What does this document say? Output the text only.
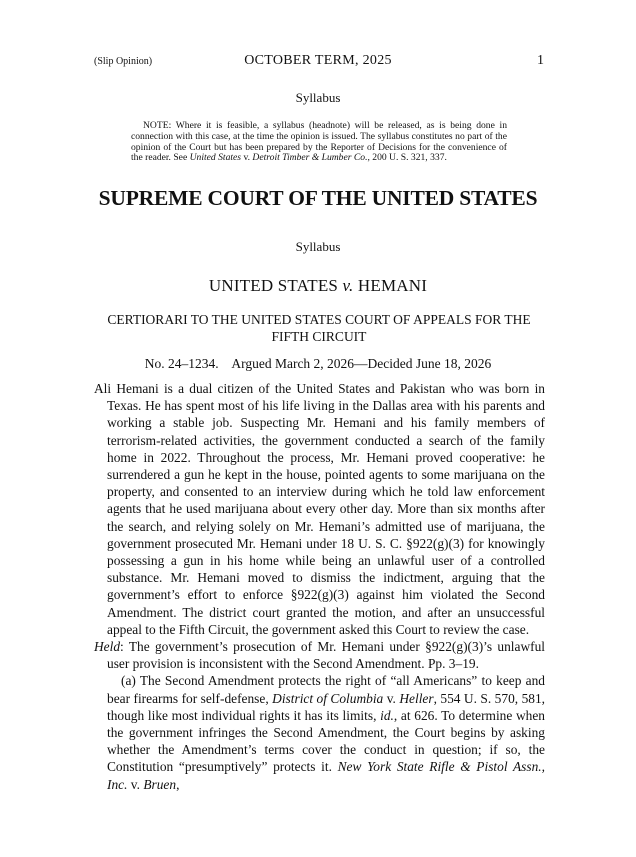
(Slip Opinion)	OCTOBER TERM, 2025	1
Syllabus
NOTE: Where it is feasible, a syllabus (headnote) will be released, as is being done in connection with this case, at the time the opinion is issued. The syllabus constitutes no part of the opinion of the Court but has been prepared by the Reporter of Decisions for the convenience of the reader. See United States v. Detroit Timber & Lumber Co., 200 U. S. 321, 337.
SUPREME COURT OF THE UNITED STATES
Syllabus
UNITED STATES v. HEMANI
CERTIORARI TO THE UNITED STATES COURT OF APPEALS FOR THE FIFTH CIRCUIT
No. 24–1234.    Argued March 2, 2026—Decided June 18, 2026

Ali Hemani is a dual citizen of the United States and Pakistan who was born in Texas. He has spent most of his life living in the Dallas area with his parents and working a stable job. Suspecting Mr. Hemani and his family members of terrorism-related activities, the government conducted a search of the family home in 2022. Throughout the process, Mr. Hemani proved cooperative: he surrendered a gun he kept in the house, pointed agents to some marijuana on the property, and consented to an interview during which he told law enforcement agents that he used marijuana about every other day. More than six months after the search, and relying solely on Mr. Hemani’s admitted use of marijuana, the government prosecuted Mr. Hemani under 18 U. S. C. §922(g)(3) for knowingly possessing a gun in his home while being an unlawful user of a controlled substance. Mr. Hemani moved to dismiss the indictment, arguing that the government’s effort to enforce §922(g)(3) against him violated the Second Amendment. The district court granted the motion, and after an unsuccessful appeal to the Fifth Circuit, the government asked this Court to review the case.

Held: The government’s prosecution of Mr. Hemani under §922(g)(3)’s unlawful user provision is inconsistent with the Second Amendment. Pp. 3–19.

(a) The Second Amendment protects the right of “all Americans” to keep and bear firearms for self-defense, District of Columbia v. Heller, 554 U. S. 570, 581, though like most individual rights it has its limits, id., at 626. To determine when the government infringes the Second Amendment, the Court begins by asking whether the Amendment’s terms cover the conduct in question; if so, the Constitution “presumptively” protects it. New York State Rifle & Pistol Assn., Inc. v. Bruen,
